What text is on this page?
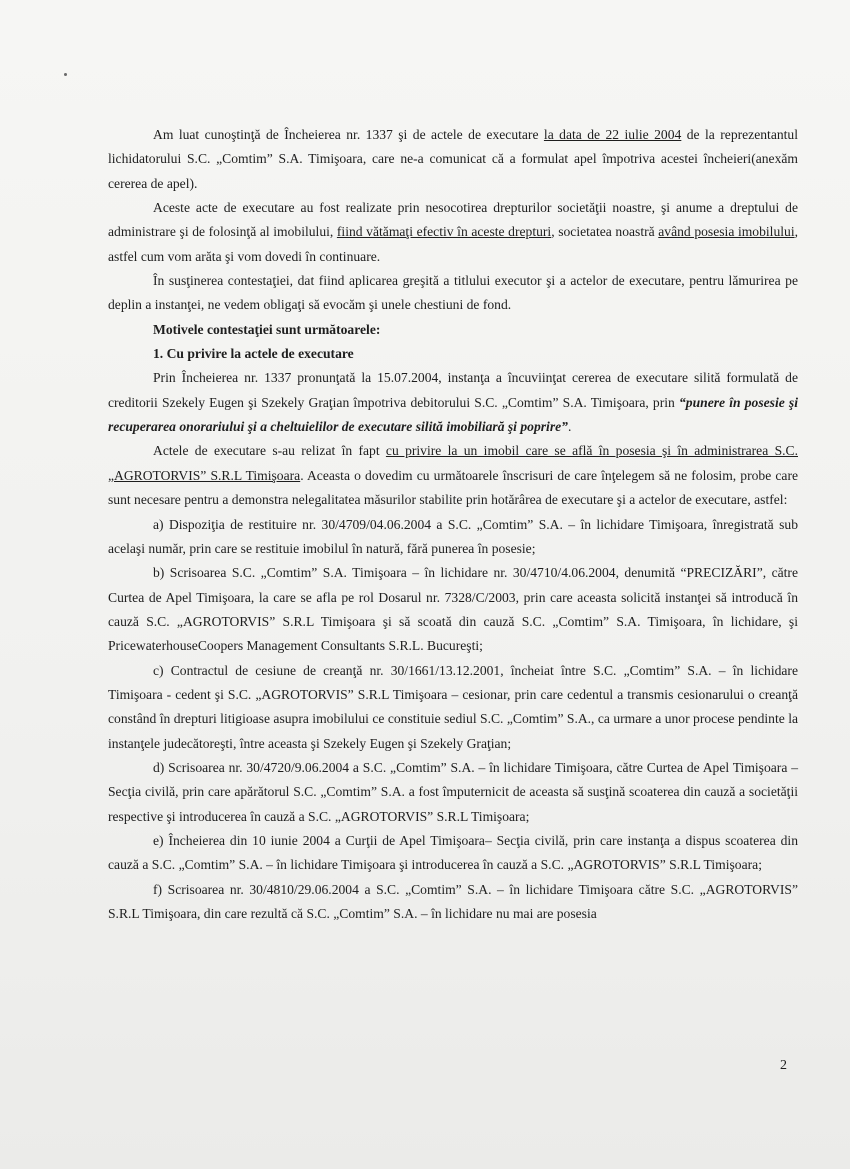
Am luat cunoştinţă de Încheierea nr. 1337 şi de actele de executare la data de 22 iulie 2004 de la reprezentantul lichidatorului S.C. „Comtim” S.A. Timişoara, care ne-a comunicat că a formulat apel împotriva acestei încheieri(anexăm cererea de apel).

Aceste acte de executare au fost realizate prin nesocotirea drepturilor societăţii noastre, şi anume a dreptului de administrare şi de folosinţă al imobilului, fiind vătămaţi efectiv în aceste drepturi, societatea noastră având posesia imobilului, astfel cum vom arăta şi vom dovedi în continuare.

În susţinerea contestaţiei, dat fiind aplicarea greşită a titlului executor şi a actelor de executare, pentru lămurirea pe deplin a instanţei, ne vedem obligaţi să evocăm şi unele chestiuni de fond.

Motivele contestaţiei sunt următoarele:

1. Cu privire la actele de executare

Prin Încheierea nr. 1337 pronunţată la 15.07.2004, instanţa a încuviinţat cererea de executare silită formulată de creditorii Szekely Eugen şi Szekely Graţian împotriva debitorului S.C. „Comtim” S.A. Timişoara, prin “punere în posesie şi recuperarea onorariului şi a cheltuielilor de executare silită imobiliară şi poprire”.

Actele de executare s-au relizat în fapt cu privire la un imobil care se află în posesia şi în administrarea S.C. „AGROTORVIS” S.R.L Timişoara. Aceasta o dovedim cu următoarele înscrisuri de care înţelegem să ne folosim, probe care sunt necesare pentru a demonstra nelegalitatea măsurilor stabilite prin hotărârea de executare şi a actelor de executare, astfel:

a) Dispoziţia de restituire nr. 30/4709/04.06.2004 a S.C. „Comtim” S.A. – în lichidare Timişoara, înregistrată sub acelaşi număr, prin care se restituie imobilul în natură, fără punerea în posesie;

b) Scrisoarea S.C. „Comtim” S.A. Timişoara – în lichidare nr. 30/4710/4.06.2004, denumită “PRECIZĂRI”, către Curtea de Apel Timişoara, la care se afla pe rol Dosarul nr. 7328/C/2003, prin care aceasta solicită instanţei să introducă în cauză S.C. „AGROTORVIS” S.R.L Timişoara şi să scoată din cauză S.C. „Comtim” S.A. Timişoara, în lichidare, şi PricewaterhouseCoopers Management Consultants S.R.L. Bucureşti;

c) Contractul de cesiune de creanţă nr. 30/1661/13.12.2001, încheiat între S.C. „Comtim” S.A. – în lichidare Timişoara - cedent şi S.C. „AGROTORVIS” S.R.L Timişoara – cesionar, prin care cedentul a transmis cesionarului o creanţă constând în drepturi litigioase asupra imobilului ce constituie sediul S.C. „Comtim” S.A., ca urmare a unor procese pendinte la instanţele judecătoreşti, între aceasta şi Szekely Eugen şi Szekely Graţian;

d) Scrisoarea nr. 30/4720/9.06.2004 a S.C. „Comtim” S.A. – în lichidare Timişoara, către Curtea de Apel Timişoara – Secţia civilă, prin care apărătorul S.C. „Comtim” S.A. a fost împuternicit de aceasta să susţină scoaterea din cauză a societăţii respective şi introducerea în cauză a S.C. „AGROTORVIS” S.R.L Timişoara;

e) Încheierea din 10 iunie 2004 a Curţii de Apel Timişoara– Secţia civilă, prin care instanţa a dispus scoaterea din cauză a S.C. „Comtim” S.A. – în lichidare Timişoara şi introducerea în cauză a S.C. „AGROTORVIS” S.R.L Timişoara;

f) Scrisoarea nr. 30/4810/29.06.2004 a S.C. „Comtim” S.A. – în lichidare Timişoara către S.C. „AGROTORVIS” S.R.L Timişoara, din care rezultă că S.C. „Comtim” S.A. – în lichidare nu mai are posesia

2
